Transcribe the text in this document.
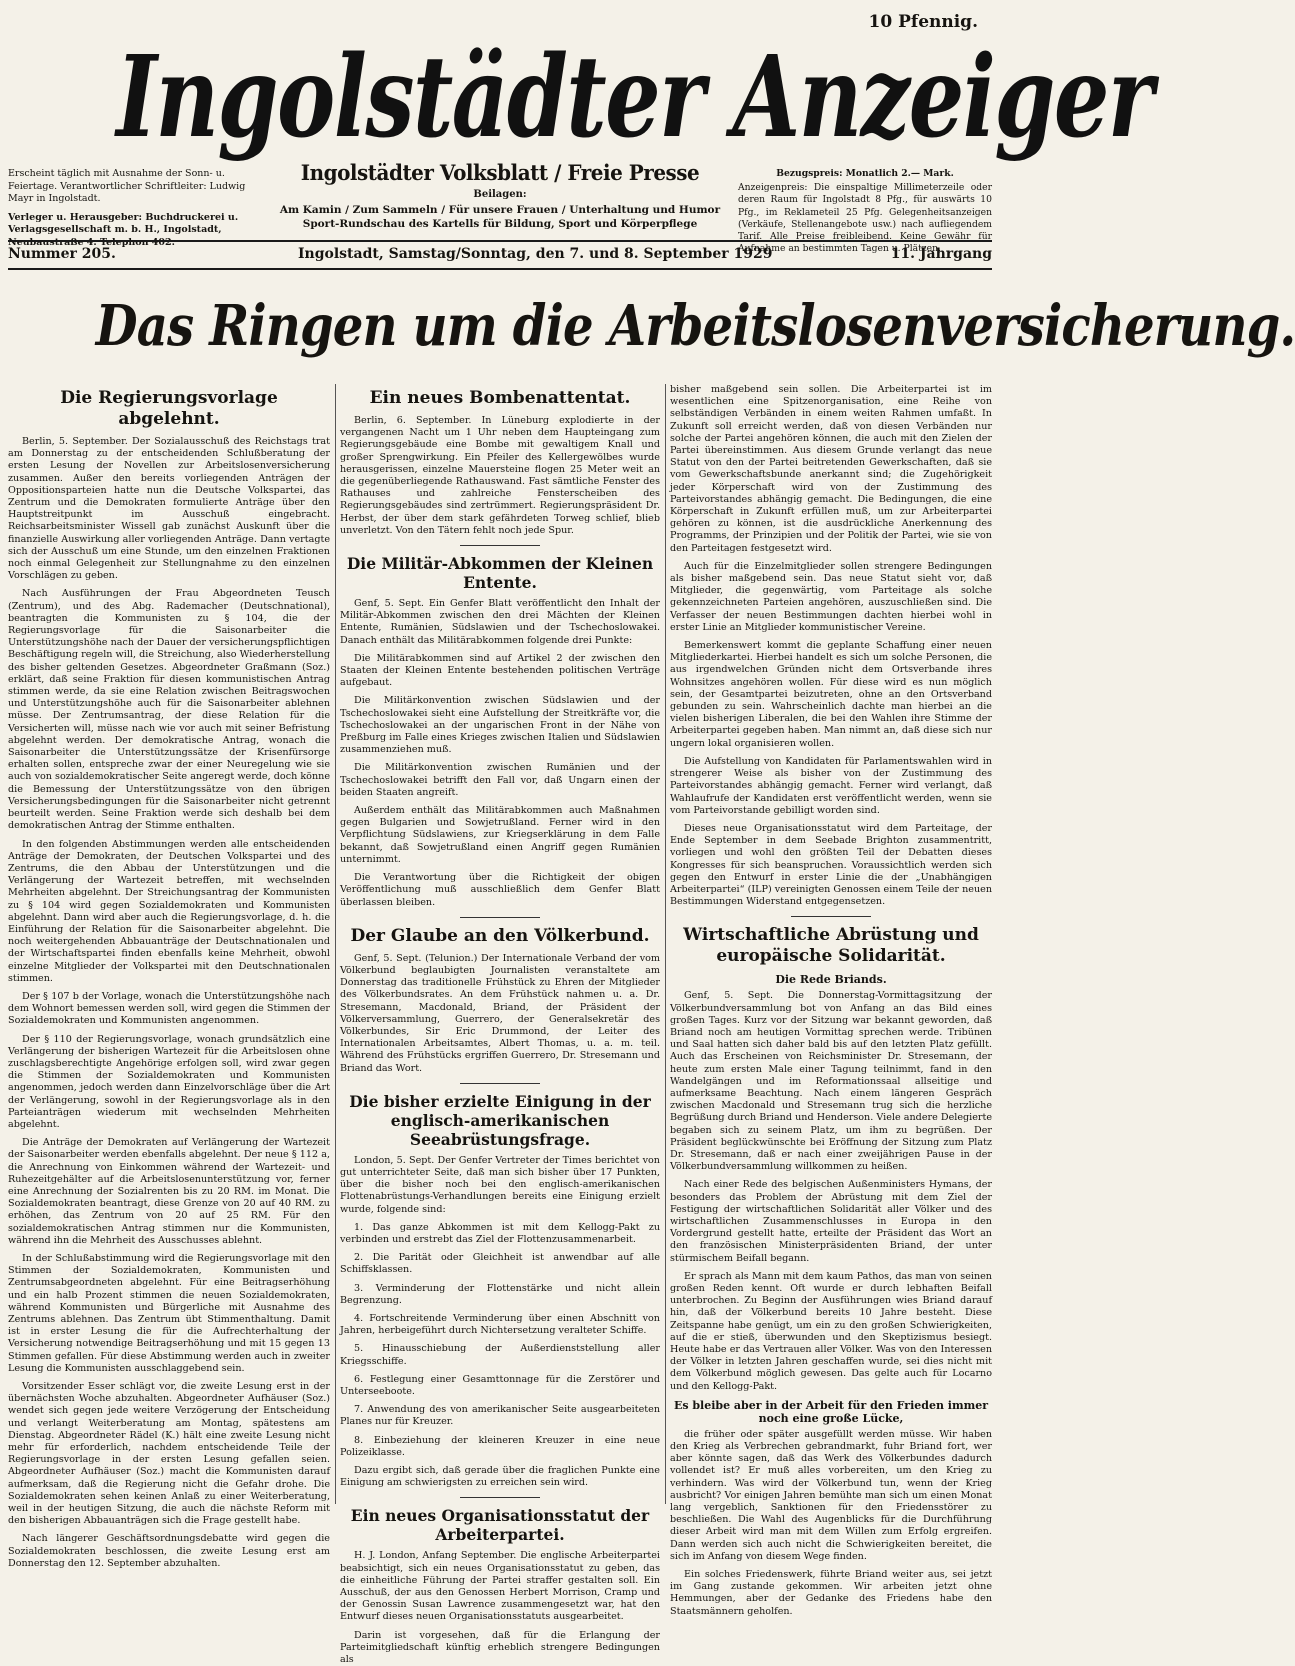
10 Pfennig.
Ingolstädter Anzeiger
Erscheint täglich mit Ausnahme der Sonn- u. Feiertage. Verantwortlicher Schriftleiter: Ludwig Mayr in Ingolstadt.
Verleger u. Herausgeber: Buchdruckerei u. Verlagsgesellschaft m. b. H., Ingolstadt, Neubaustraße 4. Telephon 402.
Ingolstädter Volksblatt / Freie Presse
Beilagen:
Am Kamin / Zum Sammeln / Für unsere Frauen / Unterhaltung und Humor Sport-Rundschau des Kartells für Bildung, Sport und Körperpflege
Bezugspreis: Monatlich 2.— Mark.
Anzeigenpreis: Die einspaltige Millimeterzeile oder deren Raum für Ingolstadt 8 Pfg., für auswärts 10 Pfg., im Reklameteil 25 Pfg. Gelegenheitsanzeigen (Verkäufe, Stellenangebote usw.) nach aufliegendem Tarif. Alle Preise freibleibend. Keine Gewähr für Aufnahme an bestimmten Tagen u. Plätzen.
Nummer 205.	Ingolstadt, Samstag/Sonntag, den 7. und 8. September 1929	11. Jahrgang
Das Ringen um die Arbeitslosenversicherung.
Die Regierungsvorlage abgelehnt.

Berlin, 5. September. Der Sozialausschuß des Reichstags trat am Donnerstag zu der entscheidenden Schlußberatung der ersten Lesung der Novellen zur Arbeitslosenversicherung zusammen. Außer den bereits vorliegenden Anträgen der Oppositionsparteien hatte nun die Deutsche Volkspartei, das Zentrum und die Demokraten formulierte Anträge über den Hauptstreitpunkt im Ausschuß eingebracht. Reichsarbeitsminister Wissell gab zunächst Auskunft über die finanzielle Auswirkung aller vorliegenden Anträge. Dann vertagte sich der Ausschuß um eine Stunde, um den einzelnen Fraktionen noch einmal Gelegenheit zur Stellungnahme zu den einzelnen Vorschlägen zu geben.

Nach Ausführungen der Frau Abgeordneten Teusch (Zentrum), und des Abg. Rademacher (Deutschnational), beantragten die Kommunisten zu § 104, die der Regierungsvorlage für die Saisonarbeiter die Unterstützungshöhe nach der Dauer der versicherungspflichtigen Beschäftigung regeln will, die Streichung, also Wiederherstellung des bisher geltenden Gesetzes. Abgeordneter Graßmann (Soz.) erklärt, daß seine Fraktion für diesen kommunistischen Antrag stimmen werde, da sie eine Relation zwischen Beitragswochen und Unterstützungshöhe auch für die Saisonarbeiter ablehnen müsse. Der Zentrumsantrag, der diese Relation für die Versicherten will, müsse nach wie vor auch mit seiner Befristung abgelehnt werden. Der demokratische Antrag, wonach die Saisonarbeiter die Unterstützungssätze der Krisenfürsorge erhalten sollen, entspreche zwar der einer Neuregelung wie sie auch von sozialdemokratischer Seite angeregt werde, doch könne die Bemessung der Unterstützungssätze von den übrigen Versicherungsbedingungen für die Saisonarbeiter nicht getrennt beurteilt werden. Seine Fraktion werde sich deshalb bei dem demokratischen Antrag der Stimme enthalten.

In den folgenden Abstimmungen werden alle entscheidenden Anträge der Demokraten, der Deutschen Volkspartei und des Zentrums, die den Abbau der Unterstützungen und die Verlängerung der Wartezeit betreffen, mit wechselnden Mehrheiten abgelehnt. Der Streichungsantrag der Kommunisten zu § 104 wird gegen Sozialdemokraten und Kommunisten abgelehnt. Dann wird aber auch die Regierungsvorlage, d. h. die Einführung der Relation für die Saisonarbeiter abgelehnt. Die noch weitergehenden Abbauanträge der Deutschnationalen und der Wirtschaftspartei finden ebenfalls keine Mehrheit, obwohl einzelne Mitglieder der Volkspartei mit den Deutschnationalen stimmen.

Der § 107 b der Vorlage, wonach die Unterstützungshöhe nach dem Wohnort bemessen werden soll, wird gegen die Stimmen der Sozialdemokraten und Kommunisten angenommen.

Der § 110 der Regierungsvorlage, wonach grundsätzlich eine Verlängerung der bisherigen Wartezeit für die Arbeitslosen ohne zuschlagsberechtigte Angehörige erfolgen soll, wird zwar gegen die Stimmen der Sozialdemokraten und Kommunisten angenommen, jedoch werden dann Einzelvorschläge über die Art der Verlängerung, sowohl in der Regierungsvorlage als in den Parteianträgen wiederum mit wechselnden Mehrheiten abgelehnt.

Die Anträge der Demokraten auf Verlängerung der Wartezeit der Saisonarbeiter werden ebenfalls abgelehnt. Der neue § 112 a, die Anrechnung von Einkommen während der Wartezeit- und Ruhezeitgehälter auf die Arbeitslosenunterstützung vor, ferner eine Anrechnung der Sozialrenten bis zu 20 RM. im Monat. Die Sozialdemokraten beantragt, diese Grenze von 20 auf 40 RM. zu erhöhen, das Zentrum von 20 auf 25 RM. Für den sozialdemokratischen Antrag stimmen nur die Kommunisten, während ihn die Mehrheit des Ausschusses ablehnt.

In der Schlußabstimmung wird die Regierungsvorlage mit den Stimmen der Sozialdemokraten, Kommunisten und Zentrumsabgeordneten abgelehnt. Für eine Beitragserhöhung und ein halb Prozent stimmen die neuen Sozialdemokraten, während Kommunisten und Bürgerliche mit Ausnahme des Zentrums ablehnen. Das Zentrum übt Stimmenthaltung. Damit ist in erster Lesung die für die Aufrechterhaltung der Versicherung notwendige Beitragserhöhung und mit 15 gegen 13 Stimmen gefallen. Für diese Abstimmung werden auch in zweiter Lesung die Kommunisten ausschlaggebend sein.

Vorsitzender Esser schlägt vor, die zweite Lesung erst in der übernächsten Woche abzuhalten. Abgeordneter Aufhäuser (Soz.) wendet sich gegen jede weitere Verzögerung der Entscheidung und verlangt Weiterberatung am Montag, spätestens am Dienstag. Abgeordneter Rädel (K.) hält eine zweite Lesung nicht mehr für erforderlich, nachdem entscheidende Teile der Regierungsvorlage in der ersten Lesung gefallen seien. Abgeordneter Aufhäuser (Soz.) macht die Kommunisten darauf aufmerksam, daß die Regierung nicht die Gefahr drohe. Die Sozialdemokraten sehen keinen Anlaß zu einer Weiterberatung, weil in der heutigen Sitzung, die auch die nächste Reform mit den bisherigen Abbauanträgen sich die Frage gestellt habe.

Nach längerer Geschäftsordnungsdebatte wird gegen die Sozialdemokraten beschlossen, die zweite Lesung erst am Donnerstag den 12. September abzuhalten.

Ein neues Bombenattentat.

Berlin, 6. September. In Lüneburg explodierte in der vergangenen Nacht um 1 Uhr neben dem Haupteingang zum Regierungsgebäude eine Bombe mit gewaltigem Knall und großer Sprengwirkung. Ein Pfeiler des Kellergewölbes wurde herausgerissen, einzelne Mauersteine flogen 25 Meter weit an die gegenüberliegende Rathauswand. Fast sämtliche Fenster des Rathauses und zahlreiche Fensterscheiben des Regierungsgebäudes sind zertrümmert. Regierungspräsident Dr. Herbst, der über dem stark gefährdeten Torweg schlief, blieb unverletzt. Von den Tätern fehlt noch jede Spur.

Die Militär-Abkommen der Kleinen Entente.

Genf, 5. Sept. Ein Genfer Blatt veröffentlicht den Inhalt der Militär-Abkommen zwischen den drei Mächten der Kleinen Entente, Rumänien, Südslawien und der Tschechoslowakei. Danach enthält das Militärabkommen folgende drei Punkte:

Die Militärabkommen sind auf Artikel 2 der zwischen den Staaten der Kleinen Entente bestehenden politischen Verträge aufgebaut.

Die Militärkonvention zwischen Südslawien und der Tschechoslowakei sieht eine Aufstellung der Streitkräfte vor, die Tschechoslowakei an der ungarischen Front in der Nähe von Preßburg im Falle eines Krieges zwischen Italien und Südslawien zusammenziehen muß.

Die Militärkonvention zwischen Rumänien und der Tschechoslowakei betrifft den Fall vor, daß Ungarn einen der beiden Staaten angreift.

Außerdem enthält das Militärabkommen auch Maßnahmen gegen Bulgarien und Sowjetrußland. Ferner wird in den Verpflichtung Südslawiens, zur Kriegserklärung in dem Falle bekannt, daß Sowjetrußland einen Angriff gegen Rumänien unternimmt.

Die Verantwortung über die Richtigkeit der obigen Veröffentlichung muß ausschließlich dem Genfer Blatt überlassen bleiben.

Der Glaube an den Völkerbund.

Genf, 5. Sept. (Telunion.) Der Internationale Verband der vom Völkerbund beglaubigten Journalisten veranstaltete am Donnerstag das traditionelle Frühstück zu Ehren der Mitglieder des Völkerbundsrates. An dem Frühstück nahmen u. a. Dr. Stresemann, Macdonald, Briand, der Präsident der Völkerversammlung, Guerrero, der Generalsekretär des Völkerbundes, Sir Eric Drummond, der Leiter des Internationalen Arbeitsamtes, Albert Thomas, u. a. m. teil. Während des Frühstücks ergriffen Guerrero, Dr. Stresemann und Briand das Wort.

Die bisher erzielte Einigung in der englisch-amerikanischen Seeabrüstungsfrage.

London, 5. Sept. Der Genfer Vertreter der Times berichtet von gut unterrichteter Seite, daß man sich bisher über 17 Punkten, über die bisher noch bei den englisch-amerikanischen Flottenabrüstungs-Verhandlungen bereits eine Einigung erzielt wurde, folgende sind:

1. Das ganze Abkommen ist mit dem Kellogg-Pakt zu verbinden und erstrebt das Ziel der Flottenzusammenarbeit.

2. Die Parität oder Gleichheit ist anwendbar auf alle Schiffsklassen.

3. Verminderung der Flottenstärke und nicht allein Begrenzung.

4. Fortschreitende Verminderung über einen Abschnitt von Jahren, herbeigeführt durch Nichtersetzung veralteter Schiffe.

5. Hinausschiebung der Außerdienststellung aller Kriegsschiffe.

6. Festlegung einer Gesamttonnage für die Zerstörer und Unterseeboote.

7. Anwendung des von amerikanischer Seite ausgearbeiteten Planes nur für Kreuzer.

8. Einbeziehung der kleineren Kreuzer in eine neue Polizeiklasse.

Dazu ergibt sich, daß gerade über die fraglichen Punkte eine Einigung am schwierigsten zu erreichen sein wird.

Ein neues Organisationsstatut der Arbeiterpartei.

H. J. London, Anfang September. Die englische Arbeiterpartei beabsichtigt, sich ein neues Organisationsstatut zu geben, das die einheitliche Führung der Partei straffer gestalten soll. Ein Ausschuß, der aus den Genossen Herbert Morrison, Cramp und der Genossin Susan Lawrence zusammengesetzt war, hat den Entwurf dieses neuen Organisationsstatuts ausgearbeitet.

Darin ist vorgesehen, daß für die Erlangung der Parteimitgliedschaft künftig erheblich strengere Bedingungen als

bisher maßgebend sein sollen. Die Arbeiterpartei ist im wesentlichen eine Spitzenorganisation, eine Reihe von selbständigen Verbänden in einem weiten Rahmen umfaßt. In Zukunft soll erreicht werden, daß von diesen Verbänden nur solche der Partei angehören können, die auch mit den Zielen der Partei übereinstimmen. Aus diesem Grunde verlangt das neue Statut von den der Partei beitretenden Gewerkschaften, daß sie vom Gewerkschaftsbunde anerkannt sind; die Zugehörigkeit jeder Körperschaft wird von der Zustimmung des Parteivorstandes abhängig gemacht. Die Bedingungen, die eine Körperschaft in Zukunft erfüllen muß, um zur Arbeiterpartei gehören zu können, ist die ausdrückliche Anerkennung des Programms, der Prinzipien und der Politik der Partei, wie sie von den Parteitagen festgesetzt wird.

Auch für die Einzelmitglieder sollen strengere Bedingungen als bisher maßgebend sein. Das neue Statut sieht vor, daß Mitglieder, die gegenwärtig, vom Parteitage als solche gekennzeichneten Parteien angehören, auszuschließen sind. Die Verfasser der neuen Bestimmungen dachten hierbei wohl in erster Linie an Mitglieder kommunistischer Vereine.

Bemerkenswert kommt die geplante Schaffung einer neuen Mitgliederkartei. Hierbei handelt es sich um solche Personen, die aus irgendwelchen Gründen nicht dem Ortsverbande ihres Wohnsitzes angehören wollen. Für diese wird es nun möglich sein, der Gesamtpartei beizutreten, ohne an den Ortsverband gebunden zu sein. Wahrscheinlich dachte man hierbei an die vielen bisherigen Liberalen, die bei den Wahlen ihre Stimme der Arbeiterpartei gegeben haben. Man nimmt an, daß diese sich nur ungern lokal organisieren wollen.

Die Aufstellung von Kandidaten für Parlamentswahlen wird in strengerer Weise als bisher von der Zustimmung des Parteivorstandes abhängig gemacht. Ferner wird verlangt, daß Wahlaufrufe der Kandidaten erst veröffentlicht werden, wenn sie vom Parteivorstande gebilligt worden sind.

Dieses neue Organisationsstatut wird dem Parteitage, der Ende September in dem Seebade Brighton zusammentritt, vorliegen und wohl den größten Teil der Debatten dieses Kongresses für sich beanspruchen. Voraussichtlich werden sich gegen den Entwurf in erster Linie die der „Unabhängigen Arbeiterpartei“ (ILP) vereinigten Genossen einem Teile der neuen Bestimmungen Widerstand entgegensetzen.

Wirtschaftliche Abrüstung und europäische Solidarität.
Die Rede Briands.

Genf, 5. Sept. Die Donnerstag-Vormittagsitzung der Völkerbundversammlung bot von Anfang an das Bild eines großen Tages. Kurz vor der Sitzung war bekannt geworden, daß Briand noch am heutigen Vormittag sprechen werde. Tribünen und Saal hatten sich daher bald bis auf den letzten Platz gefüllt. Auch das Erscheinen von Reichsminister Dr. Stresemann, der heute zum ersten Male einer Tagung teilnimmt, fand in den Wandelgängen und im Reformationssaal allseitige und aufmerksame Beachtung. Nach einem längeren Gespräch zwischen Macdonald und Stresemann trug sich die herzliche Begrüßung durch Briand und Henderson. Viele andere Delegierte begaben sich zu seinem Platz, um ihm zu begrüßen. Der Präsident beglückwünschte bei Eröffnung der Sitzung zum Platz Dr. Stresemann, daß er nach einer zweijährigen Pause in der Völkerbundversammlung willkommen zu heißen.

Nach einer Rede des belgischen Außenministers Hymans, der besonders das Problem der Abrüstung mit dem Ziel der Festigung der wirtschaftlichen Solidarität aller Völker und des wirtschaftlichen Zusammenschlusses in Europa in den Vordergrund gestellt hatte, erteilte der Präsident das Wort an den französischen Ministerpräsidenten Briand, der unter stürmischem Beifall begann.

Er sprach als Mann mit dem kaum Pathos, das man von seinen großen Reden kennt. Oft wurde er durch lebhaften Beifall unterbrochen. Zu Beginn der Ausführungen wies Briand darauf hin, daß der Völkerbund bereits 10 Jahre besteht. Diese Zeitspanne habe genügt, um ein zu den großen Schwierigkeiten, auf die er stieß, überwunden und den Skeptizismus besiegt. Heute habe er das Vertrauen aller Völker. Was von den Interessen der Völker in letzten Jahren geschaffen wurde, sei dies nicht mit dem Völkerbund möglich gewesen. Das gelte auch für Locarno und den Kellogg-Pakt.

Es bleibe aber in der Arbeit für den Frieden immer noch eine große Lücke,

die früher oder später ausgefüllt werden müsse. Wir haben den Krieg als Verbrechen gebrandmarkt, fuhr Briand fort, wer aber könnte sagen, daß das Werk des Völkerbundes dadurch vollendet ist? Er muß alles vorbereiten, um den Krieg zu verhindern. Was wird der Völkerbund tun, wenn der Krieg ausbricht? Vor einigen Jahren bemühte man sich um einen Monat lang vergeblich, Sanktionen für den Friedensstörer zu beschließen. Die Wahl des Augenblicks für die Durchführung dieser Arbeit wird man mit dem Willen zum Erfolg ergreifen. Dann werden sich auch nicht die Schwierigkeiten bereitet, die sich im Anfang von diesem Wege finden.

Ein solches Friedenswerk, führte Briand weiter aus, sei jetzt im Gang zustande gekommen. Wir arbeiten jetzt ohne Hemmungen, aber der Gedanke des Friedens habe den Staatsmännern geholfen.
